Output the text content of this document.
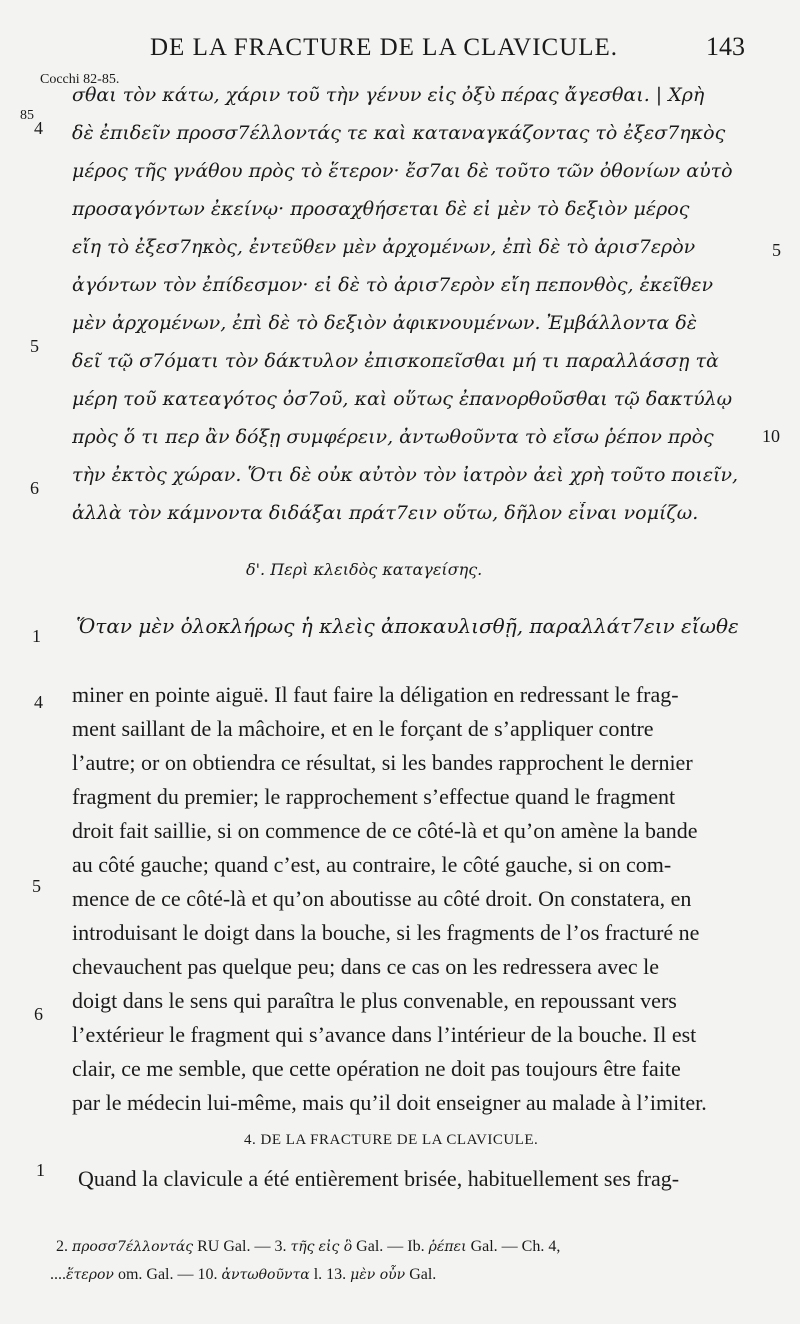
DE LA FRACTURE DE LA CLAVICULE.	143
Cocchi 82-85.
85
4
5
6
1
5
10
4
5
6
1
σθαι τὸν κάτω, χάριν τοῦ τὴν γένυν εἰς ὀξὺ πέρας ἄγεσθαι. | Χρὴ
δὲ ἐπιδεῖν προσσ7έλλοντάς τε καὶ καταναγκάζοντας τὸ ἐξεσ7ηκὸς
μέρος τῆς γνάθου πρὸς τὸ ἕτερον· ἔσ7αι δὲ τοῦτο τῶν ὀθονίων αὐτὸ
προσαγόντων ἐκείνῳ· προσαχθήσεται δὲ εἰ μὲν τὸ δεξιὸν μέρος
εἴη τὸ ἐξεσ7ηκὸς, ἐντεῦθεν μὲν ἀρχομένων, ἐπὶ δὲ τὸ ἀρισ7ερὸν
ἀγόντων τὸν ἐπίδεσμον· εἰ δὲ τὸ ἀρισ7ερὸν εἴη πεπονθὸς, ἐκεῖθεν
μὲν ἀρχομένων, ἐπὶ δὲ τὸ δεξιὸν ἀφικνουμένων. Ἐμβάλλοντα δὲ
δεῖ τῷ σ7όματι τὸν δάκτυλον ἐπισκοπεῖσθαι μή τι παραλλάσσῃ τὰ
μέρη τοῦ κατεαγότος ὀσ7οῦ, καὶ οὕτως ἐπανορθοῦσθαι τῷ δακτύλῳ
πρὸς ὅ τι περ ἂν δόξῃ συμφέρειν, ἀντωθοῦντα τὸ εἴσω ῥέπον πρὸς
τὴν ἐκτὸς χώραν. Ὅτι δὲ οὐκ αὐτὸν τὸν ἰατρὸν ἀεὶ χρὴ τοῦτο ποιεῖν,
ἀλλὰ τὸν κάμνοντα διδάξαι πράτ7ειν οὕτω, δῆλον εἶναι νομίζω.
δ'. Περὶ κλειδὸς καταγείσης.
Ὅταν μὲν ὁλοκλήρως ἡ κλεὶς ἀποκαυλισθῇ, παραλλάτ7ειν εἴωθε
miner en pointe aiguë. Il faut faire la déligation en redressant le frag-
ment saillant de la mâchoire, et en le forçant de s’appliquer contre
l’autre; or on obtiendra ce résultat, si les bandes rapprochent le dernier
fragment du premier; le rapprochement s’effectue quand le fragment
droit fait saillie, si on commence de ce côté-là et qu’on amène la bande
au côté gauche; quand c’est, au contraire, le côté gauche, si on com-
mence de ce côté-là et qu’on aboutisse au côté droit. On constatera, en
introduisant le doigt dans la bouche, si les fragments de l’os fracturé ne
chevauchent pas quelque peu; dans ce cas on les redressera avec le
doigt dans le sens qui paraîtra le plus convenable, en repoussant vers
l’extérieur le fragment qui s’avance dans l’intérieur de la bouche. Il est
clair, ce me semble, que cette opération ne doit pas toujours être faite
par le médecin lui-même, mais qu’il doit enseigner au malade à l’imiter.
4. DE LA FRACTURE DE LA CLAVICULE.
Quand la clavicule a été entièrement brisée, habituellement ses frag-
2. προσσ7έλλοντάς RU Gal. — 3. τῆς εἰς ὃ Gal. — Ib. ῥέπει Gal. — Ch. 4,
....ἕτερον om. Gal. — 10. ἀντωθοῦντα l. 13. μὲν οὖν Gal.
